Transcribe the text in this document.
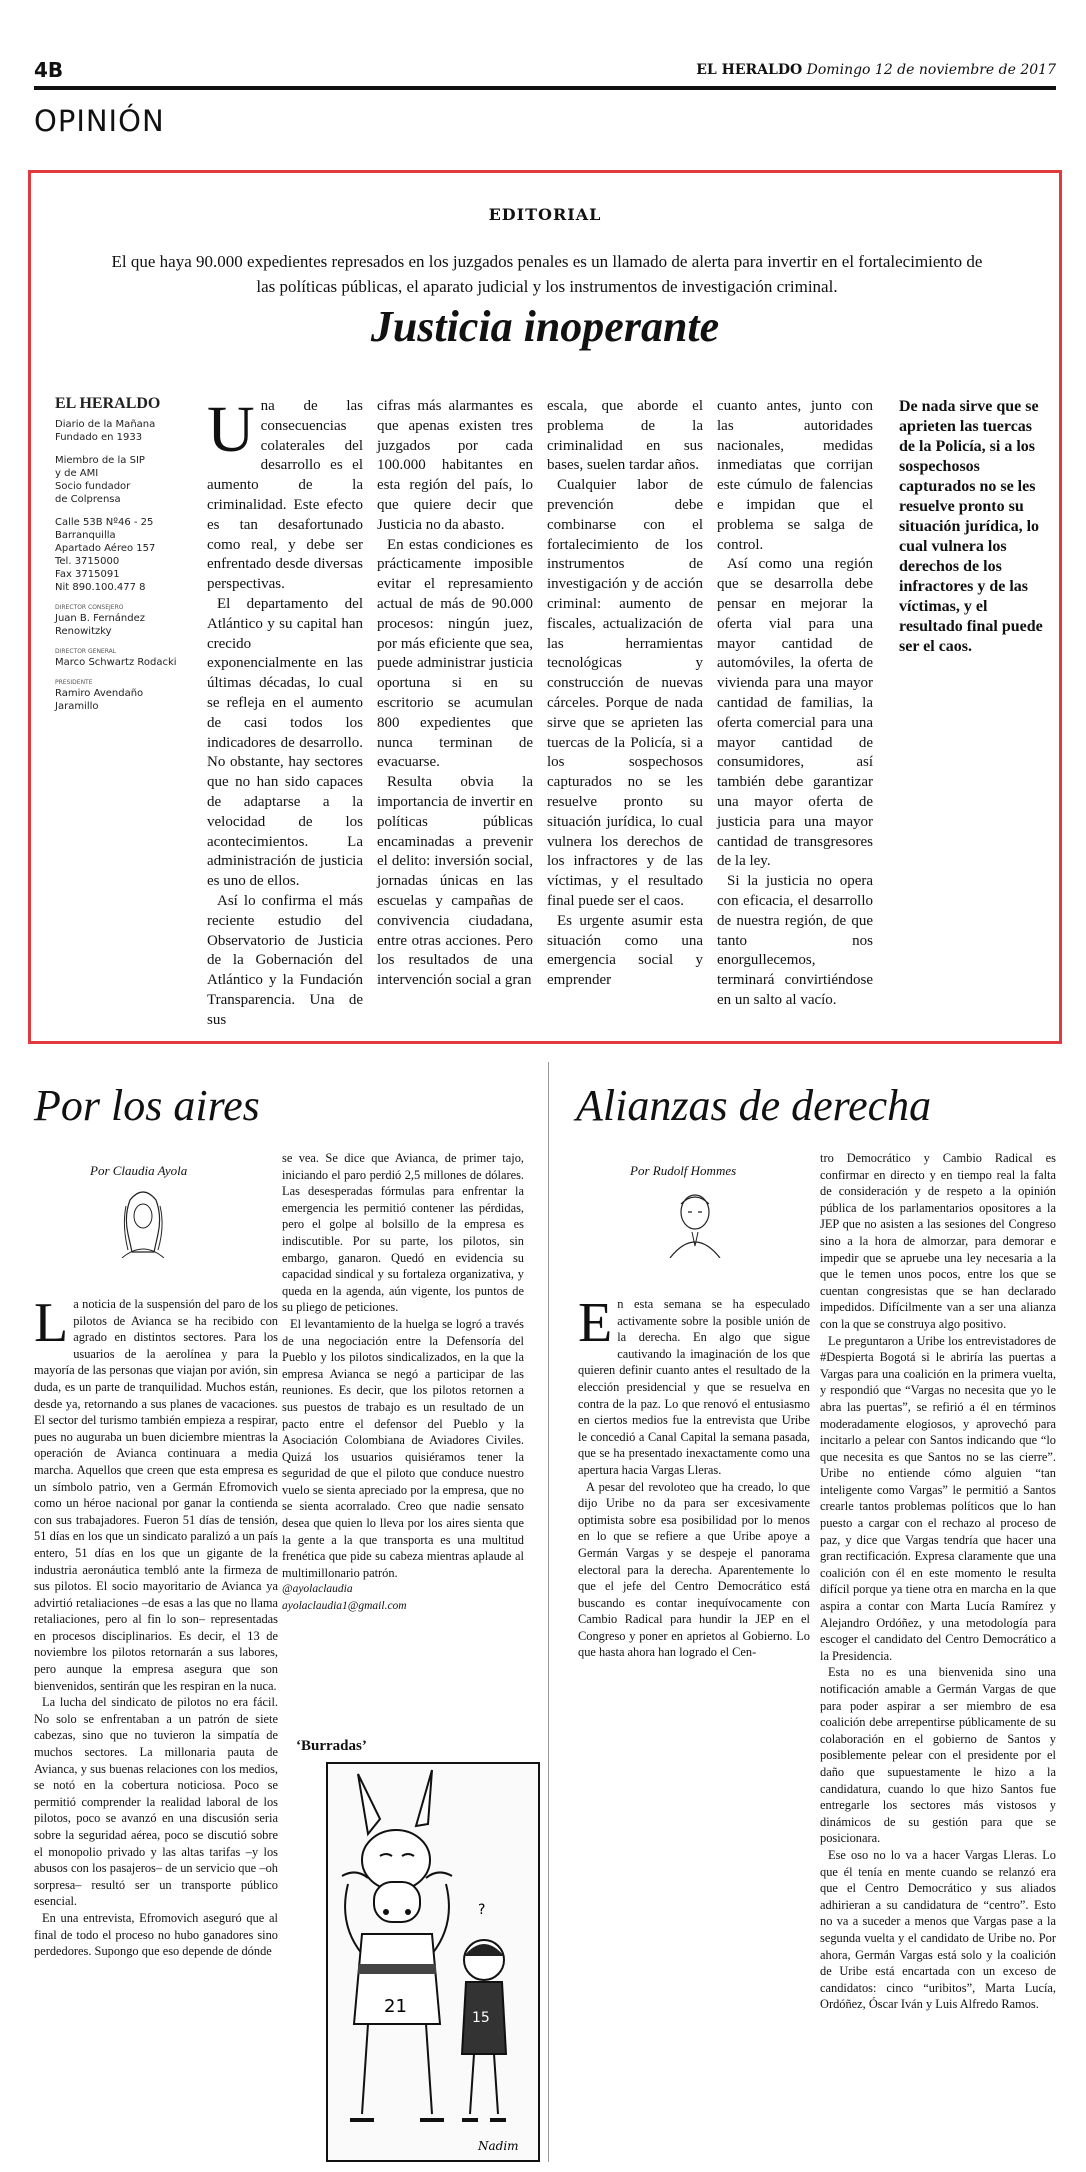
4B	EL HERALDO Domingo 12 de noviembre de 2017
OPINIÓN
EDITORIAL
El que haya 90.000 expedientes represados en los juzgados penales es un llamado de alerta para invertir en el fortalecimiento de las políticas públicas, el aparato judicial y los instrumentos de investigación criminal.
Justicia inoperante
EL HERALDO
Diario de la Mañana
Fundado en 1933
Miembro de la SIP
y de AMI
Socio fundador
de Colprensa
Calle 53B Nº46 - 25
Barranquilla
Apartado Aéreo 157
Tel. 3715000
Fax 3715091
Nit 890.100.477 8
DIRECTOR CONSEJERO
Juan B. Fernández
Renowitzky
DIRECTOR GENERAL
Marco Schwartz Rodacki
PRESIDENTE
Ramiro Avendaño
Jaramillo
U na de las consecuencias colaterales del desarrollo es el aumento de la criminalidad. Este efecto es tan desafortunado como real, y debe ser enfrentado desde diversas perspectivas.

El departamento del Atlántico y su capital han crecido exponencialmente en las últimas décadas, lo cual se refleja en el aumento de casi todos los indicadores de desarrollo. No obstante, hay sectores que no han sido capaces de adaptarse a la velocidad de los acontecimientos. La administración de justicia es uno de ellos.

Así lo confirma el más reciente estudio del Observatorio de Justicia de la Gobernación del Atlántico y la Fundación Transparencia. Una de sus

cifras más alarmantes es que apenas existen tres juzgados por cada 100.000 habitantes en esta región del país, lo que quiere decir que Justicia no da abasto.

En estas condiciones es prácticamente imposible evitar el represamiento actual de más de 90.000 procesos: ningún juez, por más eficiente que sea, puede administrar justicia oportuna si en su escritorio se acumulan 800 expedientes que nunca terminan de evacuarse.

Resulta obvia la importancia de invertir en políticas públicas encaminadas a prevenir el delito: inversión social, jornadas únicas en las escuelas y campañas de convivencia ciudadana, entre otras acciones. Pero los resultados de una intervención social a gran

escala, que aborde el problema de la criminalidad en sus bases, suelen tardar años.

Cualquier labor de prevención debe combinarse con el fortalecimiento de los instrumentos de investigación y de acción criminal: aumento de fiscales, actualización de las herramientas tecnológicas y construcción de nuevas cárceles. Porque de nada sirve que se aprieten las tuercas de la Policía, si a los sospechosos capturados no se les resuelve pronto su situación jurídica, lo cual vulnera los derechos de los infractores y de las víctimas, y el resultado final puede ser el caos.

Es urgente asumir esta situación como una emergencia social y emprender

cuanto antes, junto con las autoridades nacionales, medidas inmediatas que corrijan este cúmulo de falencias e impidan que el problema se salga de control.

Así como una región que se desarrolla debe pensar en mejorar la oferta vial para una mayor cantidad de automóviles, la oferta de vivienda para una mayor cantidad de familias, la oferta comercial para una mayor cantidad de consumidores, así también debe garantizar una mayor oferta de justicia para una mayor cantidad de transgresores de la ley.

Si la justicia no opera con eficacia, el desarrollo de nuestra región, de que tanto nos enorgullecemos, terminará convirtiéndose en un salto al vacío.

De nada sirve que se aprieten las tuercas de la Policía, si a los sospechosos capturados no se les resuelve pronto su situación jurídica, lo cual vulnera los derechos de los infractores y de las víctimas, y el resultado final puede ser el caos.
Por los aires
Por Claudia Ayola
L a noticia de la suspensión del paro de los pilotos de Avianca se ha recibido con agrado en distintos sectores. Para los usuarios de la aerolínea y para la mayoría de las personas que viajan por avión, sin duda, es un parte de tranquilidad. Muchos están, desde ya, retornando a sus planes de vacaciones. El sector del turismo también empieza a respirar, pues no auguraba un buen diciembre mientras la operación de Avianca continuara a media marcha. Aquellos que creen que esta empresa es un símbolo patrio, ven a Germán Efromovich como un héroe nacional por ganar la contienda con sus trabajadores. Fueron 51 días de tensión, 51 días en los que un sindicato paralizó a un país entero, 51 días en los que un gigante de la industria aeronáutica tembló ante la firmeza de sus pilotos. El socio mayoritario de Avianca ya advirtió retaliaciones –de esas a las que no llama retaliaciones, pero al fin lo son– representadas en procesos disciplinarios. Es decir, el 13 de noviembre los pilotos retornarán a sus labores, pero aunque la empresa asegura que son bienvenidos, sentirán que les respiran en la nuca.

La lucha del sindicato de pilotos no era fácil. No solo se enfrentaban a un patrón de siete cabezas, sino que no tuvieron la simpatía de muchos sectores. La millonaria pauta de Avianca, y sus buenas relaciones con los medios, se notó en la cobertura noticiosa. Poco se permitió comprender la realidad laboral de los pilotos, poco se avanzó en una discusión seria sobre la seguridad aérea, poco se discutió sobre el monopolio privado y las altas tarifas –y los abusos con los pasajeros– de un servicio que –oh sorpresa– resultó ser un transporte público esencial.

En una entrevista, Efromovich aseguró que al final de todo el proceso no hubo ganadores sino perdedores. Supongo que eso depende de dónde

se vea. Se dice que Avianca, de primer tajo, iniciando el paro perdió 2,5 millones de dólares. Las desesperadas fórmulas para enfrentar la emergencia les permitió contener las pérdidas, pero el golpe al bolsillo de la empresa es indiscutible. Por su parte, los pilotos, sin embargo, ganaron. Quedó en evidencia su capacidad sindical y su fortaleza organizativa, y queda en la agenda, aún vigente, los puntos de su pliego de peticiones.

El levantamiento de la huelga se logró a través de una negociación entre la Defensoría del Pueblo y los pilotos sindicalizados, en la que la empresa Avianca se negó a participar de las reuniones. Es decir, que los pilotos retornen a sus puestos de trabajo es un resultado de un pacto entre el defensor del Pueblo y la Asociación Colombiana de Aviadores Civiles. Quizá los usuarios quisiéramos tener la seguridad de que el piloto que conduce nuestro vuelo se sienta apreciado por la empresa, que no se sienta acorralado. Creo que nadie sensato desea que quien lo lleva por los aires sienta que la gente a la que transporta es una multitud frenética que pide su cabeza mientras aplaude al multimillonario patrón.

@ayolaclaudia

ayolaclaudia1@gmail.com

‘Burradas’
21
15
?
Nadim
Alianzas de derecha
Por Rudolf Hommes
E n esta semana se ha especulado activamente sobre la posible unión de la derecha. En algo que sigue cautivando la imaginación de los que quieren definir cuanto antes el resultado de la elección presidencial y que se resuelva en contra de la paz. Lo que renovó el entusiasmo en ciertos medios fue la entrevista que Uribe le concedió a Canal Capital la semana pasada, que se ha presentado inexactamente como una apertura hacia Vargas Lleras.

A pesar del revoloteo que ha creado, lo que dijo Uribe no da para ser excesivamente optimista sobre esa posibilidad por lo menos en lo que se refiere a que Uribe apoye a Germán Vargas y se despeje el panorama electoral para la derecha. Aparentemente lo que el jefe del Centro Democrático está buscando es contar inequívocamente con Cambio Radical para hundir la JEP en el Congreso y poner en aprietos al Gobierno. Lo que hasta ahora han logrado el Cen-

tro Democrático y Cambio Radical es confirmar en directo y en tiempo real la falta de consideración y de respeto a la opinión pública de los parlamentarios opositores a la JEP que no asisten a las sesiones del Congreso sino a la hora de almorzar, para demorar e impedir que se apruebe una ley necesaria a la que le temen unos pocos, entre los que se cuentan congresistas que se han declarado impedidos. Difícilmente van a ser una alianza con la que se construya algo positivo.

Le preguntaron a Uribe los entrevistadores de #Despierta Bogotá si le abriría las puertas a Vargas para una coalición en la primera vuelta, y respondió que “Vargas no necesita que yo le abra las puertas”, se refirió a él en términos moderadamente elogiosos, y aprovechó para incitarlo a pelear con Santos indicando que “lo que necesita es que Santos no se las cierre”. Uribe no entiende cómo alguien “tan inteligente como Vargas” le permitió a Santos crearle tantos problemas políticos que lo han puesto a cargar con el rechazo al proceso de paz, y dice que Vargas tendría que hacer una gran rectificación. Expresa claramente que una coalición con él en este momento le resulta difícil porque ya tiene otra en marcha en la que aspira a contar con Marta Lucía Ramírez y Alejandro Ordóñez, y una metodología para escoger el candidato del Centro Democrático a la Presidencia.

Esta no es una bienvenida sino una notificación amable a Germán Vargas de que para poder aspirar a ser miembro de esa coalición debe arrepentirse públicamente de su colaboración en el gobierno de Santos y posiblemente pelear con el presidente por el daño que supuestamente le hizo a la candidatura, cuando lo que hizo Santos fue entregarle los sectores más vistosos y dinámicos de su gestión para que se posicionara.

Ese oso no lo va a hacer Vargas Lleras. Lo que él tenía en mente cuando se relanzó era que el Centro Democrático y sus aliados adhirieran a su candidatura de “centro”. Esto no va a suceder a menos que Vargas pase a la segunda vuelta y el candidato de Uribe no. Por ahora, Germán Vargas está solo y la coalición de Uribe está encartada con un exceso de candidatos: cinco “uribitos”, Marta Lucía, Ordóñez, Óscar Iván y Luis Alfredo Ramos.
